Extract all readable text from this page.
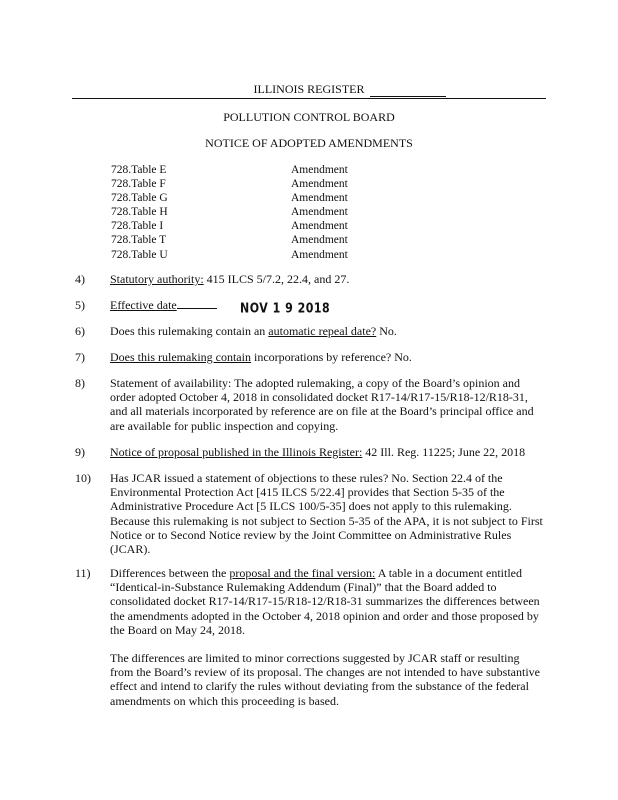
ILLINOIS REGISTER
POLLUTION CONTROL BOARD
NOTICE OF ADOPTED AMENDMENTS
728.Table E	Amendment
728.Table F	Amendment
728.Table G	Amendment
728.Table H	Amendment
728.Table I	Amendment
728.Table T	Amendment
728.Table U	Amendment
4) Statutory authority: 415 ILCS 5/7.2, 22.4, and 27.
5) Effective date	NOV 1 9 2018
6) Does this rulemaking contain an automatic repeal date? No.
7) Does this rulemaking contain incorporations by reference? No.
8) Statement of availability: The adopted rulemaking, a copy of the Board’s opinion and order adopted October 4, 2018 in consolidated docket R17-14/R17-15/R18-12/R18-31, and all materials incorporated by reference are on file at the Board’s principal office and are available for public inspection and copying.

9) Notice of proposal published in the Illinois Register: 42 Ill. Reg. 11225; June 22, 2018
10) Has JCAR issued a statement of objections to these rules? No. Section 22.4 of the Environmental Protection Act [415 ILCS 5/22.4] provides that Section 5-35 of the Administrative Procedure Act [5 ILCS 100/5-35] does not apply to this rulemaking. Because this rulemaking is not subject to Section 5-35 of the APA, it is not subject to First Notice or to Second Notice review by the Joint Committee on Administrative Rules (JCAR).

11) Differences between the proposal and the final version: A table in a document entitled “Identical-in-Substance Rulemaking Addendum (Final)” that the Board added to consolidated docket R17-14/R17-15/R18-12/R18-31 summarizes the differences between the amendments adopted in the October 4, 2018 opinion and order and those proposed by the Board on May 24, 2018.

The differences are limited to minor corrections suggested by JCAR staff or resulting from the Board’s review of its proposal. The changes are not intended to have substantive effect and intend to clarify the rules without deviating from the substance of the federal amendments on which this proceeding is based.
